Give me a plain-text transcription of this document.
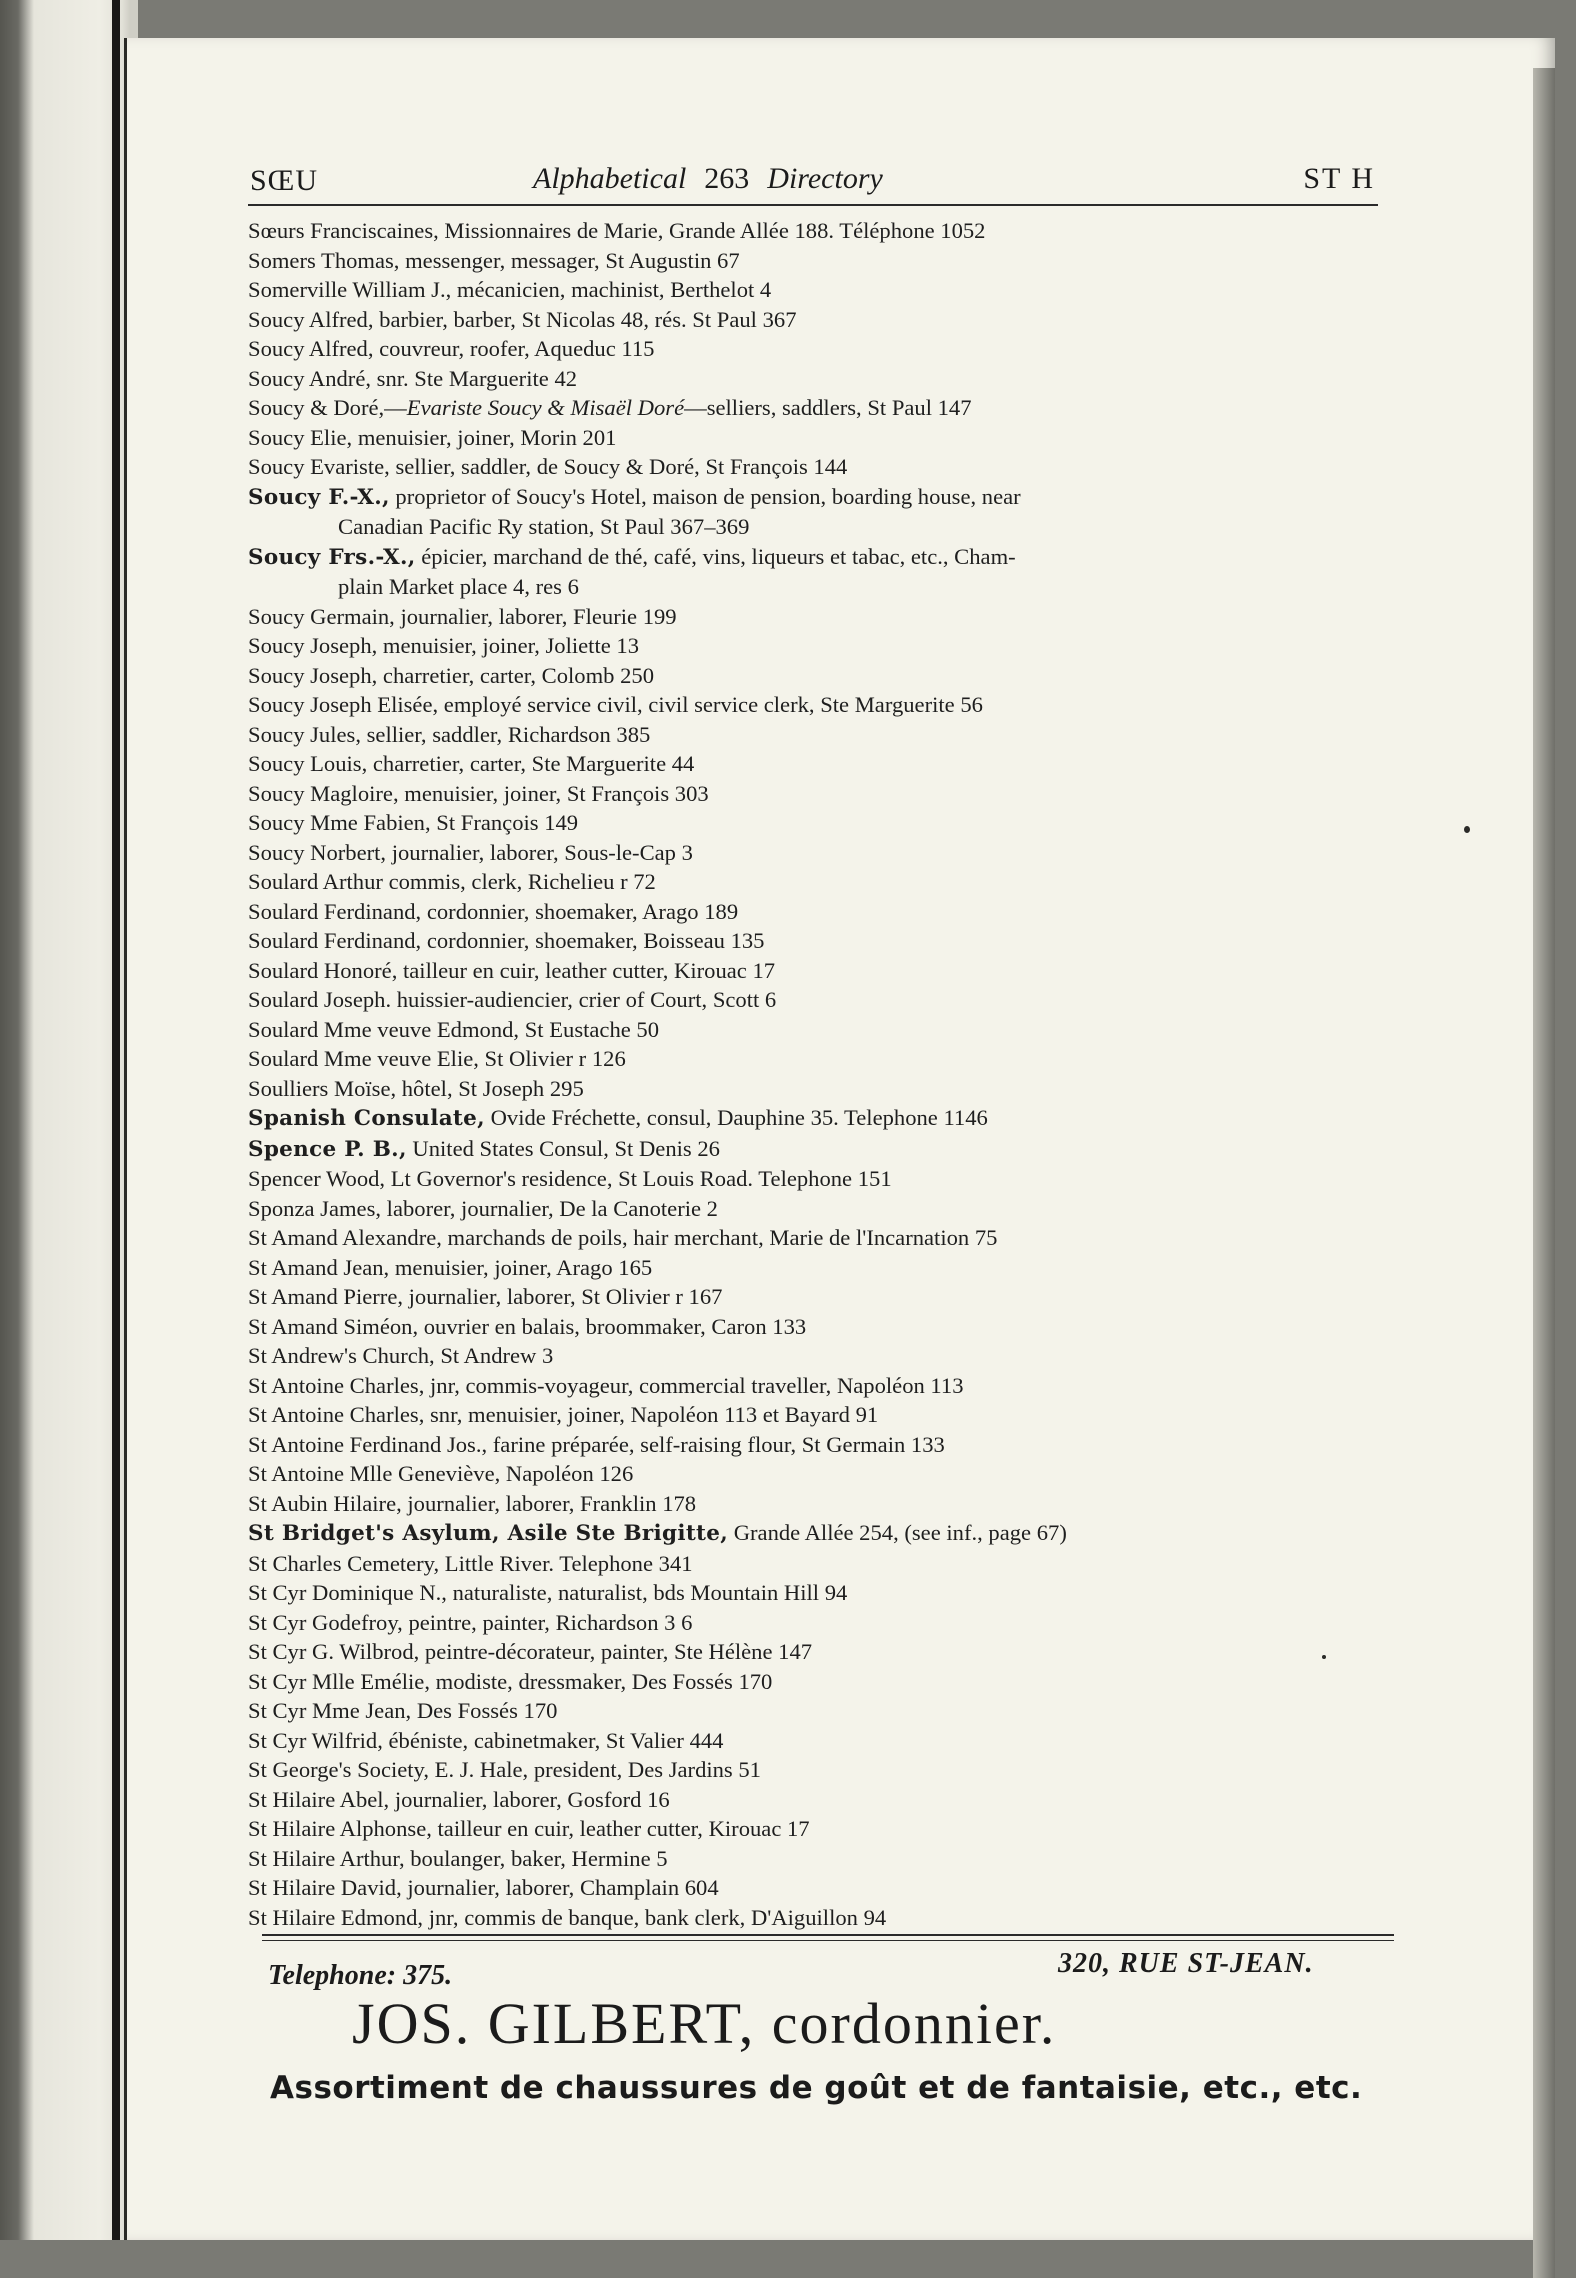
SŒU	Alphabetical 263 Directory	ST H
Sœurs Franciscaines, Missionnaires de Marie, Grande Allée 188. Téléphone 1052
Somers Thomas, messenger, messager, St Augustin 67
Somerville William J., mécanicien, machinist, Berthelot 4
Soucy Alfred, barbier, barber, St Nicolas 48, rés. St Paul 367
Soucy Alfred, couvreur, roofer, Aqueduc 115
Soucy André, snr. Ste Marguerite 42
Soucy & Doré,—Evariste Soucy & Misaël Doré—selliers, saddlers, St Paul 147
Soucy Elie, menuisier, joiner, Morin 201
Soucy Evariste, sellier, saddler, de Soucy & Doré, St François 144
Soucy F.-X., proprietor of Soucy's Hotel, maison de pension, boarding house, near
Canadian Pacific Ry station, St Paul 367–369
Soucy Frs.-X., épicier, marchand de thé, café, vins, liqueurs et tabac, etc., Cham-
plain Market place 4, res 6
Soucy Germain, journalier, laborer, Fleurie 199
Soucy Joseph, menuisier, joiner, Joliette 13
Soucy Joseph, charretier, carter, Colomb 250
Soucy Joseph Elisée, employé service civil, civil service clerk, Ste Marguerite 56
Soucy Jules, sellier, saddler, Richardson 385
Soucy Louis, charretier, carter, Ste Marguerite 44
Soucy Magloire, menuisier, joiner, St François 303
Soucy Mme Fabien, St François 149
Soucy Norbert, journalier, laborer, Sous-le-Cap 3
Soulard Arthur commis, clerk, Richelieu r 72
Soulard Ferdinand, cordonnier, shoemaker, Arago 189
Soulard Ferdinand, cordonnier, shoemaker, Boisseau 135
Soulard Honoré, tailleur en cuir, leather cutter, Kirouac 17
Soulard Joseph. huissier-audiencier, crier of Court, Scott 6
Soulard Mme veuve Edmond, St Eustache 50
Soulard Mme veuve Elie, St Olivier r 126
Soulliers Moïse, hôtel, St Joseph 295
Spanish Consulate, Ovide Fréchette, consul, Dauphine 35. Telephone 1146
Spence P. B., United States Consul, St Denis 26
Spencer Wood, Lt Governor's residence, St Louis Road. Telephone 151
Sponza James, laborer, journalier, De la Canoterie 2
St Amand Alexandre, marchands de poils, hair merchant, Marie de l'Incarnation 75
St Amand Jean, menuisier, joiner, Arago 165
St Amand Pierre, journalier, laborer, St Olivier r 167
St Amand Siméon, ouvrier en balais, broommaker, Caron 133
St Andrew's Church, St Andrew 3
St Antoine Charles, jnr, commis-voyageur, commercial traveller, Napoléon 113
St Antoine Charles, snr, menuisier, joiner, Napoléon 113 et Bayard 91
St Antoine Ferdinand Jos., farine préparée, self-raising flour, St Germain 133
St Antoine Mlle Geneviève, Napoléon 126
St Aubin Hilaire, journalier, laborer, Franklin 178
St Bridget's Asylum, Asile Ste Brigitte, Grande Allée 254, (see inf., page 67)
St Charles Cemetery, Little River. Telephone 341
St Cyr Dominique N., naturaliste, naturalist, bds Mountain Hill 94
St Cyr Godefroy, peintre, painter, Richardson 3 6
St Cyr G. Wilbrod, peintre-décorateur, painter, Ste Hélène 147
St Cyr Mlle Emélie, modiste, dressmaker, Des Fossés 170
St Cyr Mme Jean, Des Fossés 170
St Cyr Wilfrid, ébéniste, cabinetmaker, St Valier 444
St George's Society, E. J. Hale, president, Des Jardins 51
St Hilaire Abel, journalier, laborer, Gosford 16
St Hilaire Alphonse, tailleur en cuir, leather cutter, Kirouac 17
St Hilaire Arthur, boulanger, baker, Hermine 5
St Hilaire David, journalier, laborer, Champlain 604
St Hilaire Edmond, jnr, commis de banque, bank clerk, D'Aiguillon 94
Telephone: 375.	320, RUE ST-JEAN.
JOS. GILBERT, cordonnier.
Assortiment de chaussures de goût et de fantaisie, etc., etc.
